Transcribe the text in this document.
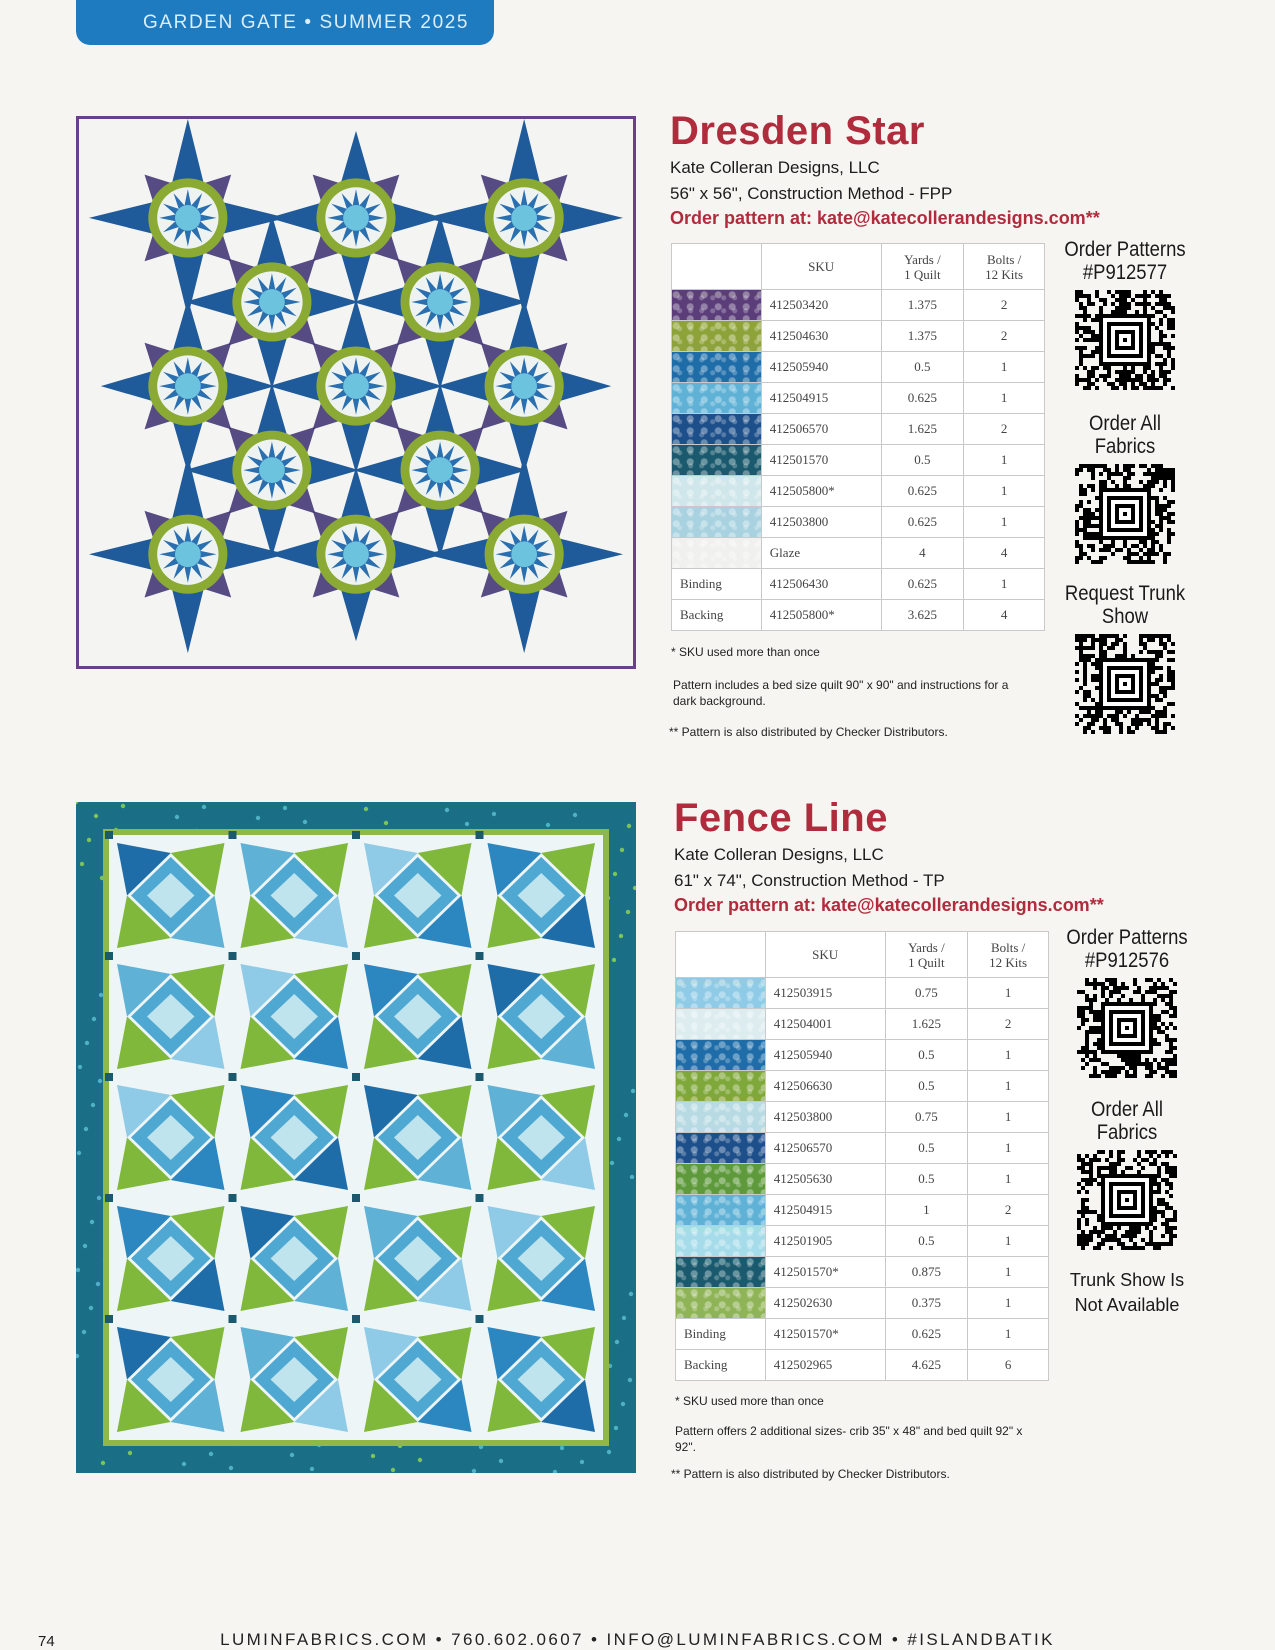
GARDEN GATE • SUMMER 2025
Dresden Star
Kate Colleran Designs, LLC
56" x 56", Construction Method - FPP
Order pattern at: kate@katecollerandesigns.com**
	SKU	Yards /
1 Quilt	Bolts /
12 Kits

	412503420	1.375	2

	412504630	1.375	2

	412505940	0.5	1

	412504915	0.625	1

	412506570	1.625	2

	412501570	0.5	1

	412505800*	0.625	1

	412503800	0.625	1

	Glaze	4	4
Binding	412506430	0.625	1
Backing	412505800*	3.625	4
* SKU used more than once
Pattern includes a bed size quilt 90" x 90" and instructions for a dark background.
** Pattern is also distributed by Checker Distributors.
Order Patterns #P912577
Order All Fabrics
Request Trunk Show
Fence Line
Kate Colleran Designs, LLC
61" x 74", Construction Method - TP
Order pattern at: kate@katecollerandesigns.com**
	SKU	Yards /
1 Quilt	Bolts /
12 Kits

	412503915	0.75	1

	412504001	1.625	2

	412505940	0.5	1

	412506630	0.5	1

	412503800	0.75	1

	412506570	0.5	1

	412505630	0.5	1

	412504915	1	2

	412501905	0.5	1

	412501570*	0.875	1

	412502630	0.375	1
Binding	412501570*	0.625	1
Backing	412502965	4.625	6
* SKU used more than once
Pattern offers 2 additional sizes- crib 35" x 48" and bed quilt 92" x 92".
** Pattern is also distributed by Checker Distributors.
Order Patterns #P912576
Order All Fabrics
Trunk Show Is Not Available
74	LUMINFABRICS.COM • 760.602.0607 • INFO@LUMINFABRICS.COM • #ISLANDBATIK
